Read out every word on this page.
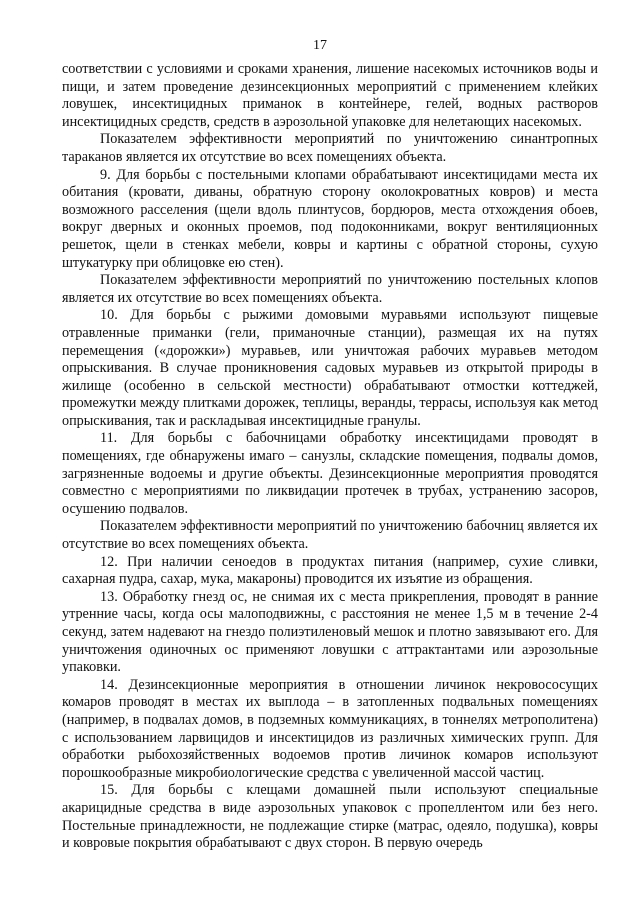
17

соответствии с условиями и сроками хранения, лишение насекомых источников воды и пищи, и затем проведение дезинсекционных мероприятий с применением клейких ловушек, инсектицидных приманок в контейнере, гелей, водных растворов инсектицидных средств, средств в аэрозольной упаковке для нелетающих насекомых.

Показателем эффективности мероприятий по уничтожению синантропных тараканов является их отсутствие во всех помещениях объекта.

9. Для борьбы с постельными клопами обрабатывают инсектицидами места их обитания (кровати, диваны, обратную сторону околокроватных ковров) и места возможного расселения (щели вдоль плинтусов, бордюров, места отхождения обоев, вокруг дверных и оконных проемов, под подоконниками, вокруг вентиляционных решеток, щели в стенках мебели, ковры и картины с обратной стороны, сухую штукатурку при облицовке ею стен).

Показателем эффективности мероприятий по уничтожению постельных клопов является их отсутствие во всех помещениях объекта.

10. Для борьбы с рыжими домовыми муравьями используют пищевые отравленные приманки (гели, приманочные станции), размещая их на путях перемещения («дорожки») муравьев, или уничтожая рабочих муравьев методом опрыскивания. В случае проникновения садовых муравьев из открытой природы в жилище (особенно в сельской местности) обрабатывают отмостки коттеджей, промежутки между плитками дорожек, теплицы, веранды, террасы, используя как метод опрыскивания, так и раскладывая инсектицидные гранулы.

11. Для борьбы с бабочницами обработку инсектицидами проводят в помещениях, где обнаружены имаго – санузлы, складские помещения, подвалы домов, загрязненные водоемы и другие объекты. Дезинсекционные мероприятия проводятся совместно с мероприятиями по ликвидации протечек в трубах, устранению засоров, осушению подвалов.

Показателем эффективности мероприятий по уничтожению бабочниц является их отсутствие во всех помещениях объекта.

12. При наличии сеноедов в продуктах питания (например, сухие сливки, сахарная пудра, сахар, мука, макароны) проводится их изъятие из обращения.

13. Обработку гнезд ос, не снимая их с места прикрепления, проводят в ранние утренние часы, когда осы малоподвижны, с расстояния не менее 1,5 м в течение 2-4 секунд, затем надевают на гнездо полиэтиленовый мешок и плотно завязывают его. Для уничтожения одиночных ос применяют ловушки с аттрактантами или аэрозольные упаковки.

14. Дезинсекционные мероприятия в отношении личинок некровососущих комаров проводят в местах их выплода – в затопленных подвальных помещениях (например, в подвалах домов, в подземных коммуникациях, в тоннелях метрополитена) с использованием ларвицидов и инсектицидов из различных химических групп. Для обработки рыбохозяйственных водоемов против личинок комаров используют порошкообразные микробиологические средства с увеличенной массой частиц.

15. Для борьбы с клещами домашней пыли используют специальные акарицидные средства в виде аэрозольных упаковок с пропеллентом или без него. Постельные принадлежности, не подлежащие стирке (матрас, одеяло, подушка), ковры и ковровые покрытия обрабатывают с двух сторон. В первую очередь
